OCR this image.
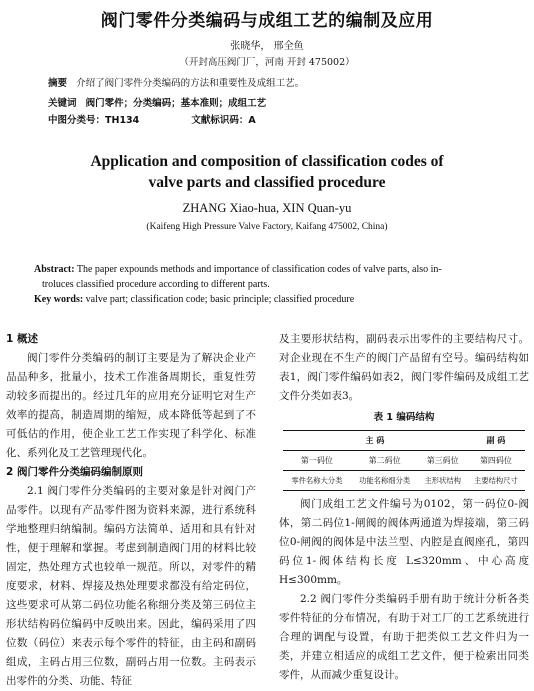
阀门零件分类编码与成组工艺的编制及应用
张晓华， 邢全鱼
（开封高压阀门厂，河南 开封 475002）
摘要 介绍了阀门零件分类编码的方法和重要性及成组工艺。
关键词 阀门零件；分类编码；基本准则；成组工艺
中图分类号：TH134	文献标识码：A
Application and composition of classification codes of
valve parts and classified procedure
ZHANG Xiao-hua, XIN Quan-yu
(Kaifeng High Pressure Valve Factory, Kaifang 475002, China)
Abstract: The paper expounds methods and importance of classification codes of valve parts, also in-
troluces classified procedure according to different parts.
Key words: valve part; classification code; basic principle; classified procedure
1 概述
阀门零件分类编码的制订主要是为了解决企业产品品种多，批量小，技术工作准备周期长，重复性劳动较多而提出的。经过几年的应用充分证明它对生产效率的提高，制造周期的缩短，成本降低等起到了不可低估的作用，使企业工艺工作实现了科学化、标准化、系列化及工艺管理现代化。
2 阀门零件分类编码编制原则
2.1 阀门零件分类编码的主要对象是针对阀门产品零件。以现有产品零件图为资料来源，进行系统科学地整理归纳编制。编码方法简单、适用和具有针对性，便于理解和掌握。考虑到制造阀门用的材料比较固定，热处理方式也较单一规范。所以，对零件的精度要求，材料、焊接及热处理要求都没有给定码位，这些要求可从第二码位功能名称细分类及第三码位主形状结构码位编码中反映出来。因此，编码采用了四位数（码位）来表示每个零件的特征，由主码和副码组成，主码占用三位数，副码占用一位数。主码表示出零件的分类、功能、特征
及主要形状结构，副码表示出零件的主要结构尺寸。对企业现在不生产的阀门产品留有空号。编码结构如表1，阀门零件编码如表2，阀门零件编码及成组工艺文件分类如表3。
表 1 编码结构
主 码			副 码
第一码位	第二码位	第三码位	第四码位
零件名称大分类	功能名称细分类	主形状结构	主要结构尺寸
阀门成组工艺文件编号为0102，第一码位0-阀体，第二码位1-闸阀的阀体两通道为焊接端，第三码位0-闸阀的阀体是中法兰型、内腔是直阀座孔，第四码位1-阀体结构长度 L≤320mm、中心高度 H≤300mm。
2.2 阀门零件分类编码手册有助于统计分析各类零件特征的分布情况，有助于对工厂的工艺系统进行合理的调配与设置，有助于把类似工艺文件归为一类，并建立相适应的成组工艺文件，便于检索出同类零件，从而减少重复设计。
